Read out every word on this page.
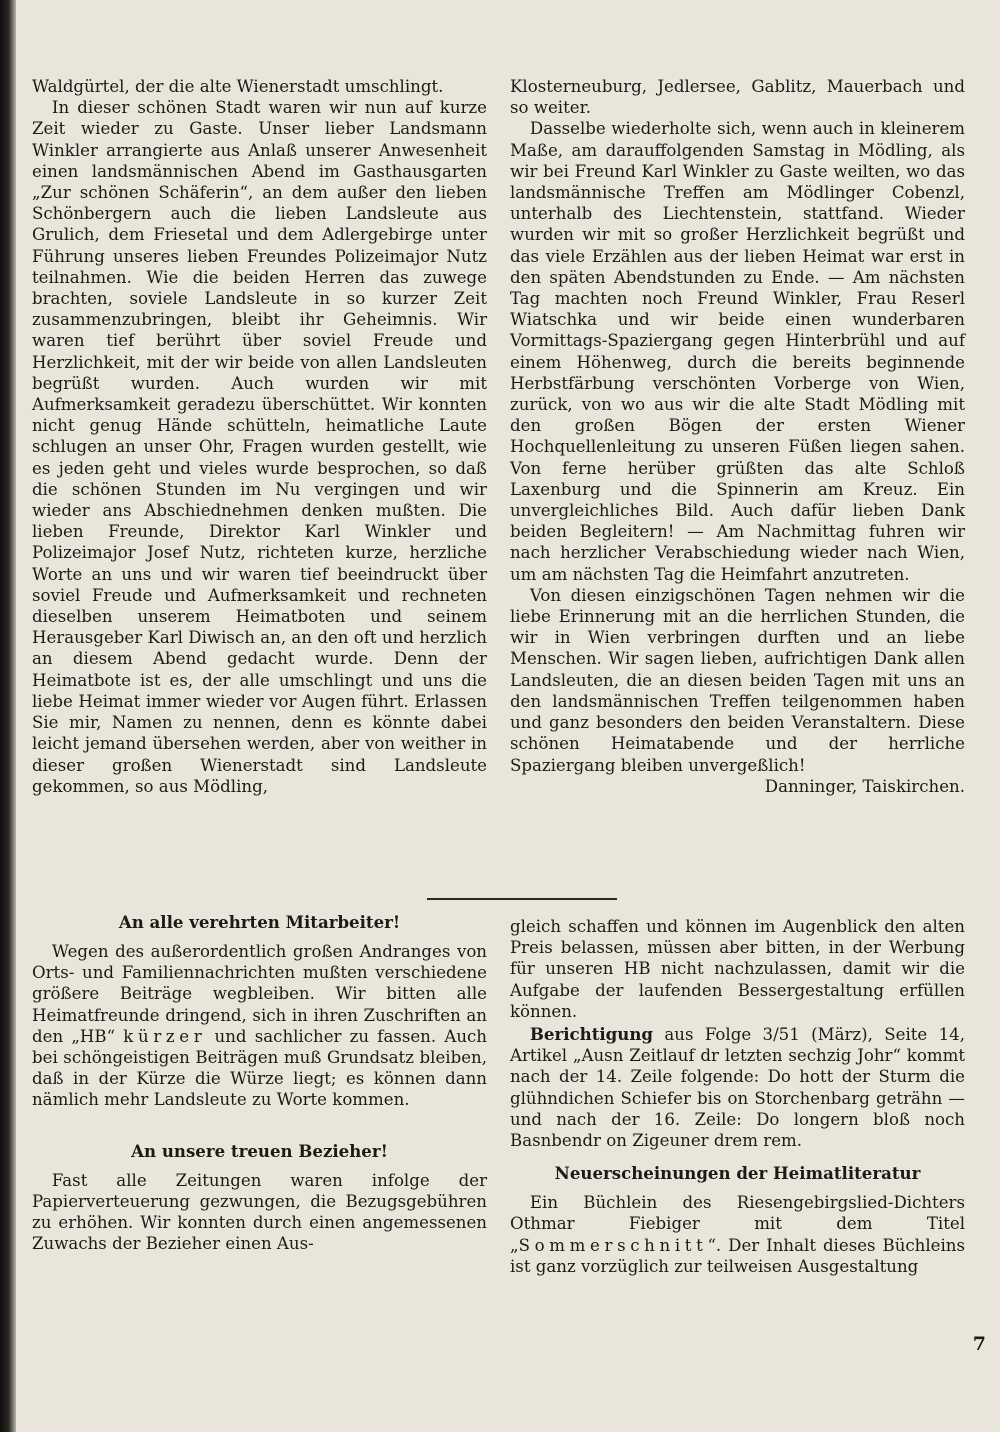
Waldgürtel, der die alte Wienerstadt umschlingt.

In dieser schönen Stadt waren wir nun auf kurze Zeit wieder zu Gaste. Unser lieber Landsmann Winkler arrangierte aus Anlaß unserer Anwesenheit einen landsmännischen Abend im Gasthausgarten „Zur schönen Schäferin“, an dem außer den lieben Schönbergern auch die lieben Landsleute aus Grulich, dem Friesetal und dem Adlergebirge unter Führung unseres lieben Freundes Polizeimajor Nutz teilnahmen. Wie die beiden Herren das zuwege brachten, soviele Landsleute in so kurzer Zeit zusammenzubringen, bleibt ihr Geheimnis. Wir waren tief berührt über soviel Freude und Herzlichkeit, mit der wir beide von allen Landsleuten begrüßt wurden. Auch wurden wir mit Aufmerksamkeit geradezu überschüttet. Wir konnten nicht genug Hände schütteln, heimatliche Laute schlugen an unser Ohr, Fragen wurden gestellt, wie es jeden geht und vieles wurde besprochen, so daß die schönen Stunden im Nu vergingen und wir wieder ans Abschiednehmen denken mußten. Die lieben Freunde, Direktor Karl Winkler und Polizeimajor Josef Nutz, richteten kurze, herzliche Worte an uns und wir waren tief beeindruckt über soviel Freude und Aufmerksamkeit und rechneten dieselben unserem Heimatboten und seinem Herausgeber Karl Diwisch an, an den oft und herzlich an diesem Abend gedacht wurde. Denn der Heimatbote ist es, der alle umschlingt und uns die liebe Heimat immer wieder vor Augen führt. Erlassen Sie mir, Namen zu nennen, denn es könnte dabei leicht jemand übersehen werden, aber von weither in dieser großen Wienerstadt sind Landsleute gekommen, so aus Mödling,

Klosterneuburg, Jedlersee, Gablitz, Mauerbach und so weiter.

Dasselbe wiederholte sich, wenn auch in kleinerem Maße, am darauffolgenden Samstag in Mödling, als wir bei Freund Karl Winkler zu Gaste weilten, wo das landsmännische Treffen am Mödlinger Cobenzl, unterhalb des Liechtenstein, stattfand. Wieder wurden wir mit so großer Herzlichkeit begrüßt und das viele Erzählen aus der lieben Heimat war erst in den späten Abendstunden zu Ende. — Am nächsten Tag machten noch Freund Winkler, Frau Reserl Wiatschka und wir beide einen wunderbaren Vormittags-Spaziergang gegen Hinterbrühl und auf einem Höhenweg, durch die bereits beginnende Herbstfärbung verschönten Vorberge von Wien, zurück, von wo aus wir die alte Stadt Mödling mit den großen Bögen der ersten Wiener Hochquellenleitung zu unseren Füßen liegen sahen. Von ferne herüber grüßten das alte Schloß Laxenburg und die Spinnerin am Kreuz. Ein unvergleichliches Bild. Auch dafür lieben Dank beiden Begleitern! — Am Nachmittag fuhren wir nach herzlicher Verabschiedung wieder nach Wien, um am nächsten Tag die Heimfahrt anzutreten.

Von diesen einzigschönen Tagen nehmen wir die liebe Erinnerung mit an die herrlichen Stunden, die wir in Wien verbringen durften und an liebe Menschen. Wir sagen lieben, aufrichtigen Dank allen Landsleuten, die an diesen beiden Tagen mit uns an den landsmännischen Treffen teilgenommen haben und ganz besonders den beiden Veranstaltern. Diese schönen Heimatabende und der herrliche Spaziergang bleiben unvergeßlich!

Danninger, Taiskirchen.

An alle verehrten Mitarbeiter!

Wegen des außerordentlich großen Andranges von Orts- und Familiennachrichten mußten verschiedene größere Beiträge wegbleiben. Wir bitten alle Heimatfreunde dringend, sich in ihren Zuschriften an den „HB“ kürzer und sachlicher zu fassen. Auch bei schöngeistigen Beiträgen muß Grundsatz bleiben, daß in der Kürze die Würze liegt; es können dann nämlich mehr Landsleute zu Worte kommen.

An unsere treuen Bezieher!

Fast alle Zeitungen waren infolge der Papierverteuerung gezwungen, die Bezugsgebühren zu erhöhen. Wir konnten durch einen angemessenen Zuwachs der Bezieher einen Aus-

gleich schaffen und können im Augenblick den alten Preis belassen, müssen aber bitten, in der Werbung für unseren HB nicht nachzulassen, damit wir die Aufgabe der laufenden Bessergestaltung erfüllen können.

Berichtigung aus Folge 3/51 (März), Seite 14, Artikel „Ausn Zeitlauf dr letzten sechzig Johr“ kommt nach der 14. Zeile folgende: Do hott der Sturm die glühndichen Schiefer bis on Storchenbarg geträhn — und nach der 16. Zeile: Do longern bloß noch Basnbendr on Zigeuner drem rem.

Neuerscheinungen der Heimatliteratur

Ein Büchlein des Riesengebirgslied-Dichters Othmar Fiebiger mit dem Titel „Sommerschnitt“. Der Inhalt dieses Büchleins ist ganz vorzüglich zur teilweisen Ausgestaltung

7
